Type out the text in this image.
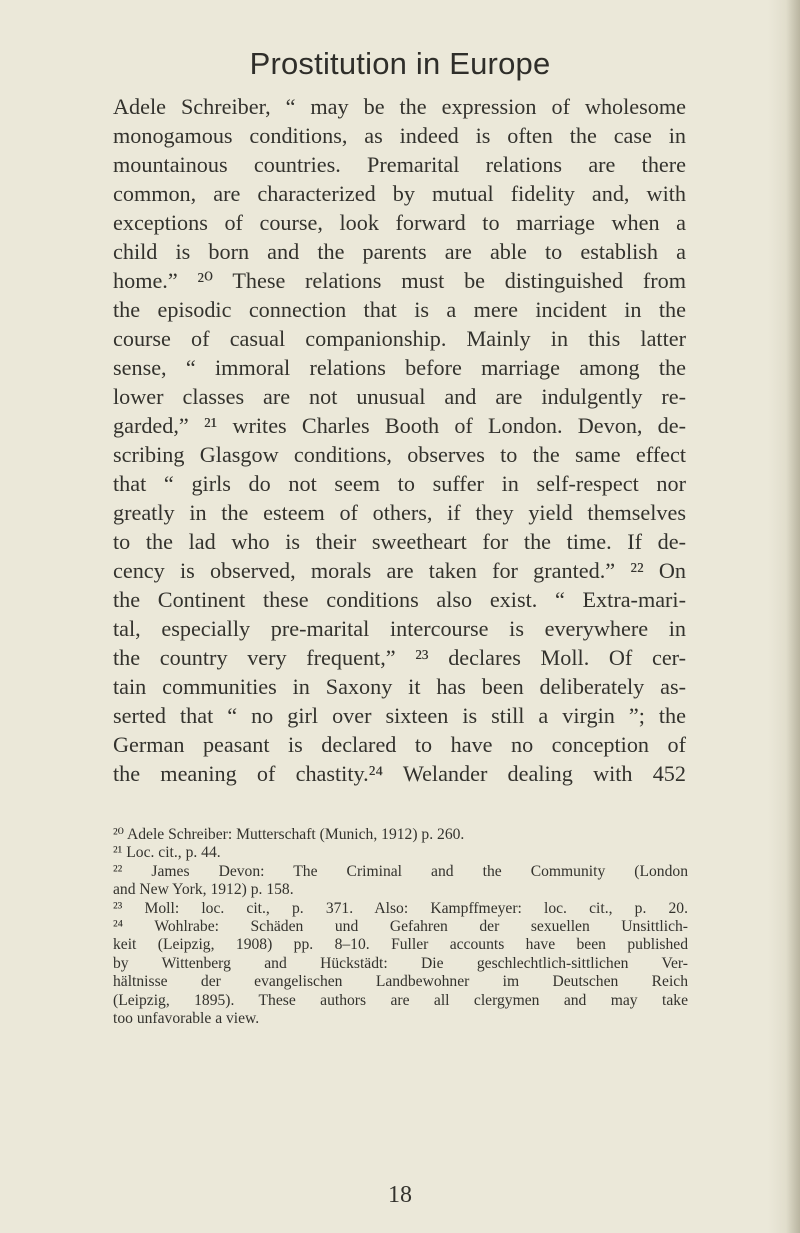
Prostitution in Europe
Adele Schreiber, “ may be the expression of wholesome
monogamous conditions, as indeed is often the case in
mountainous countries. Premarital relations are there
common, are characterized by mutual fidelity and, with
exceptions of course, look forward to marriage when a
child is born and the parents are able to establish a
home.” ²⁰ These relations must be distinguished from
the episodic connection that is a mere incident in the
course of casual companionship. Mainly in this latter
sense, “ immoral relations before marriage among the
lower classes are not unusual and are indulgently re-
garded,” ²¹ writes Charles Booth of London. Devon, de-
scribing Glasgow conditions, observes to the same effect
that “ girls do not seem to suffer in self-respect nor
greatly in the esteem of others, if they yield themselves
to the lad who is their sweetheart for the time. If de-
cency is observed, morals are taken for granted.” ²² On
the Continent these conditions also exist. “ Extra-mari-
tal, especially pre-marital intercourse is everywhere in
the country very frequent,” ²³ declares Moll. Of cer-
tain communities in Saxony it has been deliberately as-
serted that “ no girl over sixteen is still a virgin ”; the
German peasant is declared to have no conception of
the meaning of chastity.²⁴ Welander dealing with 452
²⁰ Adele Schreiber: Mutterschaft (Munich, 1912) p. 260.
²¹ Loc. cit., p. 44.
²² James Devon: The Criminal and the Community (London
and New York, 1912) p. 158.
²³ Moll: loc. cit., p. 371. Also: Kampffmeyer: loc. cit., p. 20.
²⁴ Wohlrabe: Schäden und Gefahren der sexuellen Unsittlich-
keit (Leipzig, 1908) pp. 8–10. Fuller accounts have been published
by Wittenberg and Hückstädt: Die geschlechtlich-sittlichen Ver-
hältnisse der evangelischen Landbewohner im Deutschen Reich
(Leipzig, 1895). These authors are all clergymen and may take
too unfavorable a view.
18
